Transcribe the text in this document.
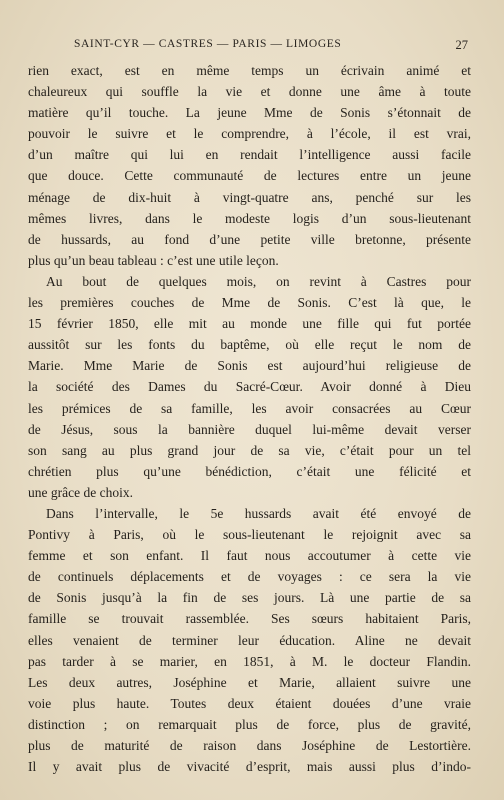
SAINT-CYR — CASTRES — PARIS — LIMOGES	27
rien exact, est en même temps un écrivain animé et
chaleureux qui souffle la vie et donne une âme à toute
matière qu’il touche. La jeune Mme de Sonis s’étonnait de
pouvoir le suivre et le comprendre, à l’école, il est vrai,
d’un maître qui lui en rendait l’intelligence aussi facile
que douce. Cette communauté de lectures entre un jeune
ménage de dix-huit à vingt-quatre ans, penché sur les
mêmes livres, dans le modeste logis d’un sous-lieutenant
de hussards, au fond d’une petite ville bretonne, présente
plus qu’un beau tableau : c’est une utile leçon.
Au bout de quelques mois, on revint à Castres pour
les premières couches de Mme de Sonis. C’est là que, le
15 février 1850, elle mit au monde une fille qui fut portée
aussitôt sur les fonts du baptême, où elle reçut le nom de
Marie. Mme Marie de Sonis est aujourd’hui religieuse de
la société des Dames du Sacré-Cœur. Avoir donné à Dieu
les prémices de sa famille, les avoir consacrées au Cœur
de Jésus, sous la bannière duquel lui-même devait verser
son sang au plus grand jour de sa vie, c’était pour un tel
chrétien plus qu’une bénédiction, c’était une félicité et
une grâce de choix.
Dans l’intervalle, le 5e hussards avait été envoyé de
Pontivy à Paris, où le sous-lieutenant le rejoignit avec sa
femme et son enfant. Il faut nous accoutumer à cette vie
de continuels déplacements et de voyages : ce sera la vie
de Sonis jusqu’à la fin de ses jours. Là une partie de sa
famille se trouvait rassemblée. Ses sœurs habitaient Paris,
elles venaient de terminer leur éducation. Aline ne devait
pas tarder à se marier, en 1851, à M. le docteur Flandin.
Les deux autres, Joséphine et Marie, allaient suivre une
voie plus haute. Toutes deux étaient douées d’une vraie
distinction ; on remarquait plus de force, plus de gravité,
plus de maturité de raison dans Joséphine de Lestortière.
Il y avait plus de vivacité d’esprit, mais aussi plus d’indo-
